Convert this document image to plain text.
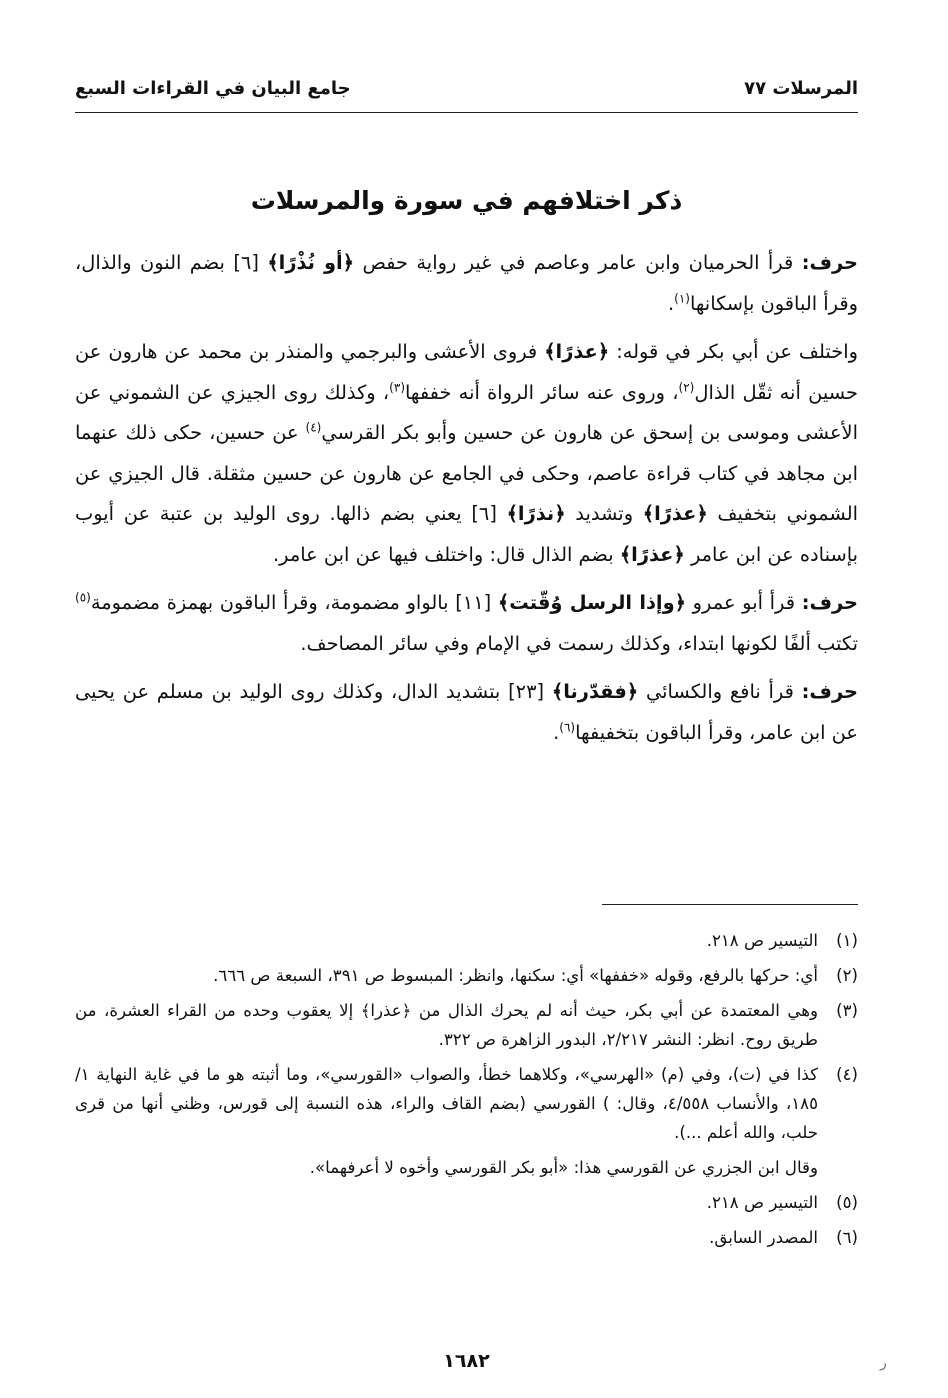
المرسلات ٧٧
جامع البيان في القراءات السبع
ذكر اختلافهم في سورة والمرسلات

حرف: قرأ الحرميان وابن عامر وعاصم في غير رواية حفص ﴿أو نُذْرًا﴾ [٦] بضم النون والذال، وقرأ الباقون بإسكانها$^{(١)}$.

واختلف عن أبي بكر في قوله: ﴿عذرًا﴾ فروى الأعشى والبرجمي والمنذر بن محمد عن هارون عن حسين أنه ثقّل الذال$^{(٢)}$، وروى عنه سائر الرواة أنه خففها$^{(٣)}$، وكذلك روى الجيزي عن الشموني عن الأعشى وموسى بن إسحق عن هارون عن حسين وأبو بكر القرسي$^{(٤)}$ عن حسين، حكى ذلك عنهما ابن مجاهد في كتاب قراءة عاصم، وحكى في الجامع عن هارون عن حسين مثقلة. قال الجيزي عن الشموني بتخفيف ﴿عذرًا﴾ وتشديد ﴿نذرًا﴾ [٦] يعني بضم ذالها. روى الوليد بن عتبة عن أيوب بإسناده عن ابن عامر ﴿عذرًا﴾ بضم الذال قال: واختلف فيها عن ابن عامر.

حرف: قرأ أبو عمرو ﴿وإذا الرسل وُقّتت﴾ [١١] بالواو مضمومة، وقرأ الباقون بهمزة مضمومة$^{(٥)}$ تكتب ألفًا لكونها ابتداء، وكذلك رسمت في الإمام وفي سائر المصاحف.

حرف: قرأ نافع والكسائي ﴿فقدّرنا﴾ [٢٣] بتشديد الدال، وكذلك روى الوليد بن مسلم عن يحيى عن ابن عامر، وقرأ الباقون بتخفيفها$^{(٦)}$.

(١)
التيسير ص ٢١٨.
(٢)
أي: حركها بالرفع، وقوله «خففها» أي: سكنها، وانظر: المبسوط ص ٣٩١، السبعة ص ٦٦٦.
(٣)
وهي المعتمدة عن أبي بكر، حيث أنه لم يحرك الذال من ﴿عذرا﴾ إلا يعقوب وحده من القراء العشرة، من طريق روح. انظر: النشر ٢/٢١٧، البدور الزاهرة ص ٣٢٢.
(٤)
كذا في (ت)، وفي (م) «الهرسي»، وكلاهما خطأ، والصواب «القورسي»، وما أثبته هو ما في غاية النهاية ١/ ١٨٥، والأنساب ٤/٥٥٨، وقال: ) القورسي (بضم القاف والراء، هذه النسبة إلى قورس، وظني أنها من قرى حلب، والله أعلم ...).
وقال ابن الجزري عن القورسي هذا: «أبو بكر القورسي وأخوه لا أعرفهما».
(٥)
التيسير ص ٢١٨.
(٦)
المصدر السابق.
١٦٨٢	ر
